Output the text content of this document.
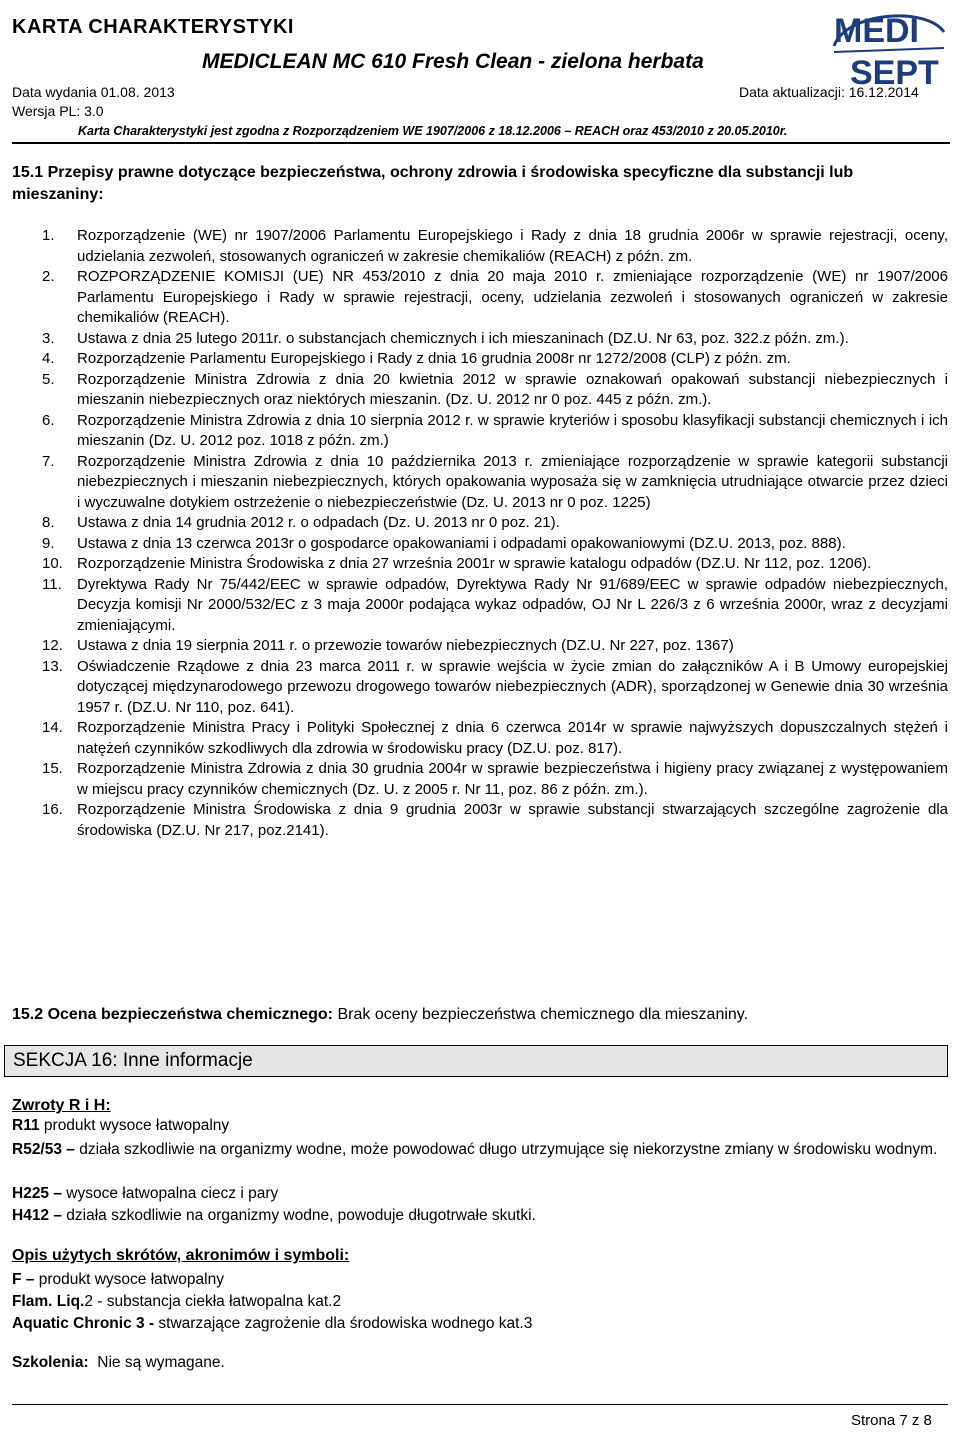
KARTA CHARAKTERYSTYKI
MEDICLEAN MC 610 Fresh Clean - zielona herbata
Data wydania 01.08. 2013
Wersja PL: 3.0
Data aktualizacji: 16.12.2014
Karta Charakterystyki jest zgodna z Rozporządzeniem WE 1907/2006 z 18.12.2006 – REACH oraz 453/2010 z 20.05.2010r.
MEDI
SEPT
15.1 Przepisy prawne dotyczące bezpieczeństwa, ochrony zdrowia i środowiska specyficzne dla substancji lub mieszaniny:
1. Rozporządzenie (WE) nr 1907/2006 Parlamentu Europejskiego i Rady z dnia 18 grudnia 2006r w sprawie rejestracji, oceny, udzielania zezwoleń, stosowanych ograniczeń w zakresie chemikaliów (REACH) z późn. zm.
2. ROZPORZĄDZENIE KOMISJI (UE) NR 453/2010 z dnia 20 maja 2010 r. zmieniające rozporządzenie (WE) nr 1907/2006 Parlamentu Europejskiego i Rady w sprawie rejestracji, oceny, udzielania zezwoleń i stosowanych ograniczeń w zakresie chemikaliów (REACH).
3. Ustawa z dnia 25 lutego 2011r. o substancjach chemicznych i ich mieszaninach (DZ.U. Nr 63, poz. 322.z późn. zm.).
4. Rozporządzenie Parlamentu Europejskiego i Rady z dnia 16 grudnia 2008r nr 1272/2008 (CLP) z późn. zm.
5. Rozporządzenie Ministra Zdrowia z dnia 20 kwietnia 2012 w sprawie oznakowań opakowań substancji niebezpiecznych i mieszanin niebezpiecznych oraz niektórych mieszanin. (Dz. U. 2012 nr 0 poz. 445 z późn. zm.).
6. Rozporządzenie Ministra Zdrowia z dnia 10 sierpnia 2012 r. w sprawie kryteriów i sposobu klasyfikacji substancji chemicznych i ich mieszanin (Dz. U. 2012 poz. 1018 z późn. zm.)
7. Rozporządzenie Ministra Zdrowia z dnia 10 października 2013 r. zmieniające rozporządzenie w sprawie kategorii substancji niebezpiecznych i mieszanin niebezpiecznych, których opakowania wyposaża się w zamknięcia utrudniające otwarcie przez dzieci i wyczuwalne dotykiem ostrzeżenie o niebezpieczeństwie (Dz. U. 2013 nr 0 poz. 1225)
8. Ustawa z dnia 14 grudnia 2012 r. o odpadach (Dz. U. 2013 nr 0 poz. 21).
9. Ustawa z dnia 13 czerwca 2013r o gospodarce opakowaniami i odpadami opakowaniowymi (DZ.U. 2013, poz. 888).
10. Rozporządzenie Ministra Środowiska z dnia 27 września 2001r w sprawie katalogu odpadów (DZ.U. Nr 112, poz. 1206).
11. Dyrektywa Rady Nr 75/442/EEC w sprawie odpadów, Dyrektywa Rady Nr 91/689/EEC w sprawie odpadów niebezpiecznych, Decyzja komisji Nr 2000/532/EC z 3 maja 2000r podająca wykaz odpadów, OJ Nr L 226/3 z 6 września 2000r, wraz z decyzjami zmieniającymi.
12. Ustawa z dnia 19 sierpnia 2011 r. o przewozie towarów niebezpiecznych (DZ.U. Nr 227, poz. 1367)
13. Oświadczenie Rządowe z dnia 23 marca 2011 r. w sprawie wejścia w życie zmian do załączników A i B Umowy europejskiej dotyczącej międzynarodowego przewozu drogowego towarów niebezpiecznych (ADR), sporządzonej w Genewie dnia 30 września 1957 r. (DZ.U. Nr 110, poz. 641).
14. Rozporządzenie Ministra Pracy i Polityki Społecznej z dnia 6 czerwca 2014r w sprawie najwyższych dopuszczalnych stężeń i natężeń czynników szkodliwych dla zdrowia w środowisku pracy (DZ.U. poz. 817).
15. Rozporządzenie Ministra Zdrowia z dnia 30 grudnia 2004r w sprawie bezpieczeństwa i higieny pracy związanej z występowaniem w miejscu pracy czynników chemicznych (Dz. U. z 2005 r. Nr 11, poz. 86 z późn. zm.).
16. Rozporządzenie Ministra Środowiska z dnia 9 grudnia 2003r w sprawie substancji stwarzających szczególne zagrożenie dla środowiska (DZ.U. Nr 217, poz.2141).
15.2 Ocena bezpieczeństwa chemicznego: Brak oceny bezpieczeństwa chemicznego dla mieszaniny.
SEKCJA 16: Inne informacje
Zwroty R i H:
R11 produkt wysoce łatwopalny
R52/53 – działa szkodliwie na organizmy wodne, może powodować długo utrzymujące się niekorzystne zmiany w środowisku wodnym.
H225 – wysoce łatwopalna ciecz i pary
H412 – działa szkodliwie na organizmy wodne, powoduje długotrwałe skutki.
Opis użytych skrótów, akronimów i symboli:
F – produkt wysoce łatwopalny
Flam. Liq.2 - substancja ciekła łatwopalna kat.2
Aquatic Chronic 3 - stwarzające zagrożenie dla środowiska wodnego kat.3
Szkolenia: Nie są wymagane.
Strona 7 z 8
